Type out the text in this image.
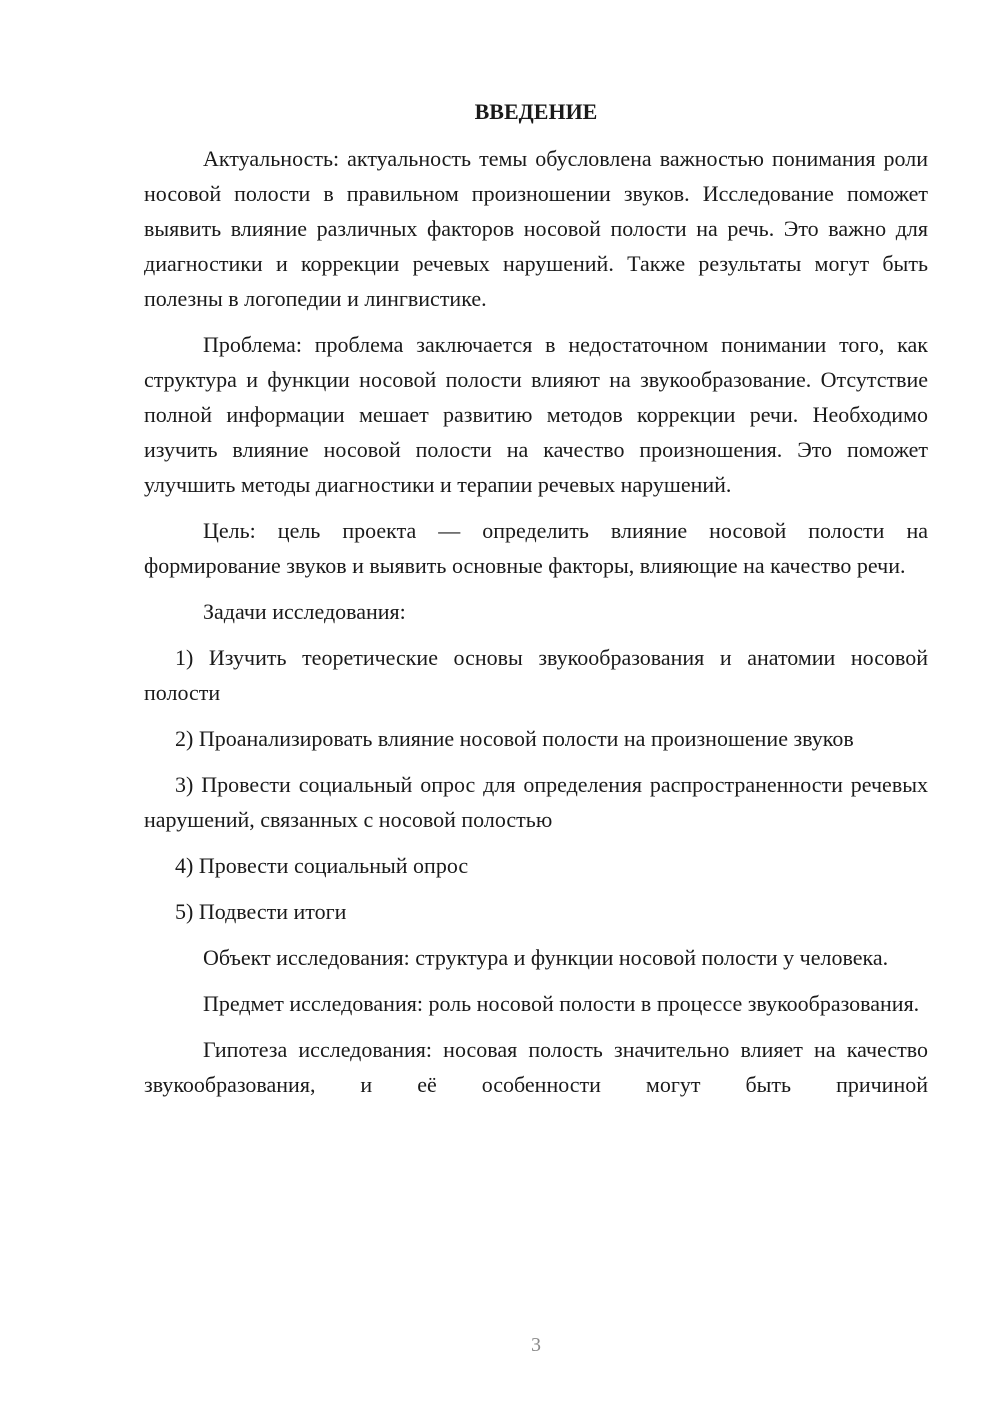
ВВЕДЕНИЕ

Актуальность: актуальность темы обусловлена важностью понимания роли носовой полости в правильном произношении звуков. Исследование поможет выявить влияние различных факторов носовой полости на речь. Это важно для диагностики и коррекции речевых нарушений. Также результаты могут быть полезны в логопедии и лингвистике.

Проблема: проблема заключается в недостаточном понимании того, как структура и функции носовой полости влияют на звукообразование. Отсутствие полной информации мешает развитию методов коррекции речи. Необходимо изучить влияние носовой полости на качество произношения. Это поможет улучшить методы диагностики и терапии речевых нарушений.

Цель: цель проекта — определить влияние носовой полости на формирование звуков и выявить основные факторы, влияющие на качество речи.

Задачи исследования:

1) Изучить теоретические основы звукообразования и анатомии носовой полости

2) Проанализировать влияние носовой полости на произношение звуков

3) Провести социальный опрос для определения распространенности речевых нарушений, связанных с носовой полостью

4) Провести социальный опрос

5) Подвести итоги

Объект исследования: структура и функции носовой полости у человека.

Предмет исследования: роль носовой полости в процессе звукообразования.

Гипотеза исследования: носовая полость значительно влияет на качество звукообразования, и её особенности могут быть причиной

3
